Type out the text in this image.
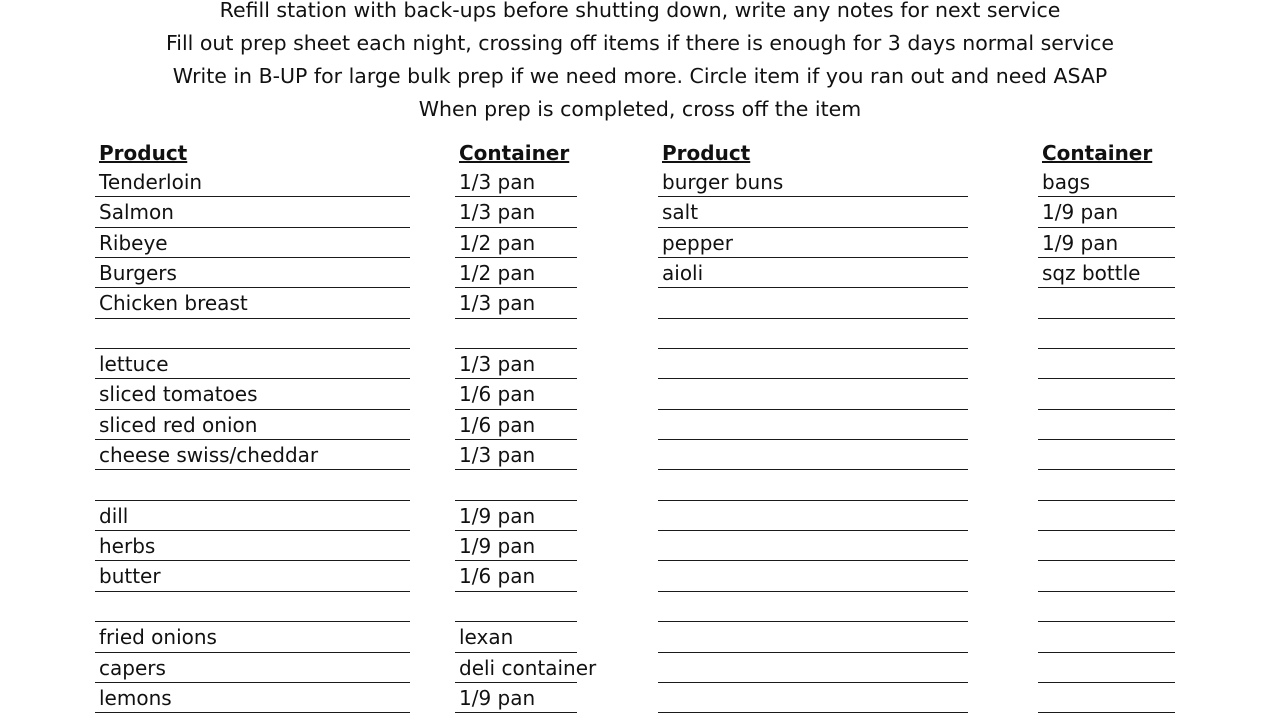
Refill station with back-ups before shutting down, write any notes for next service
Fill out prep sheet each night, crossing off items if there is enough for 3 days normal service
Write in B-UP for large bulk prep if we need more. Circle item if you ran out and need ASAP
When prep is completed, cross off the item
Product
Tenderloin
Salmon
Ribeye
Burgers
Chicken breast
lettuce
sliced tomatoes
sliced red onion
cheese swiss/cheddar
dill
herbs
butter
fried onions
capers
lemons
Container
1/3 pan
1/3 pan
1/2 pan
1/2 pan
1/3 pan
1/3 pan
1/6 pan
1/6 pan
1/3 pan
1/9 pan
1/9 pan
1/6 pan
lexan
deli container
1/9 pan
Product
burger buns
salt
pepper
aioli
Container
bags
1/9 pan
1/9 pan
sqz bottle
